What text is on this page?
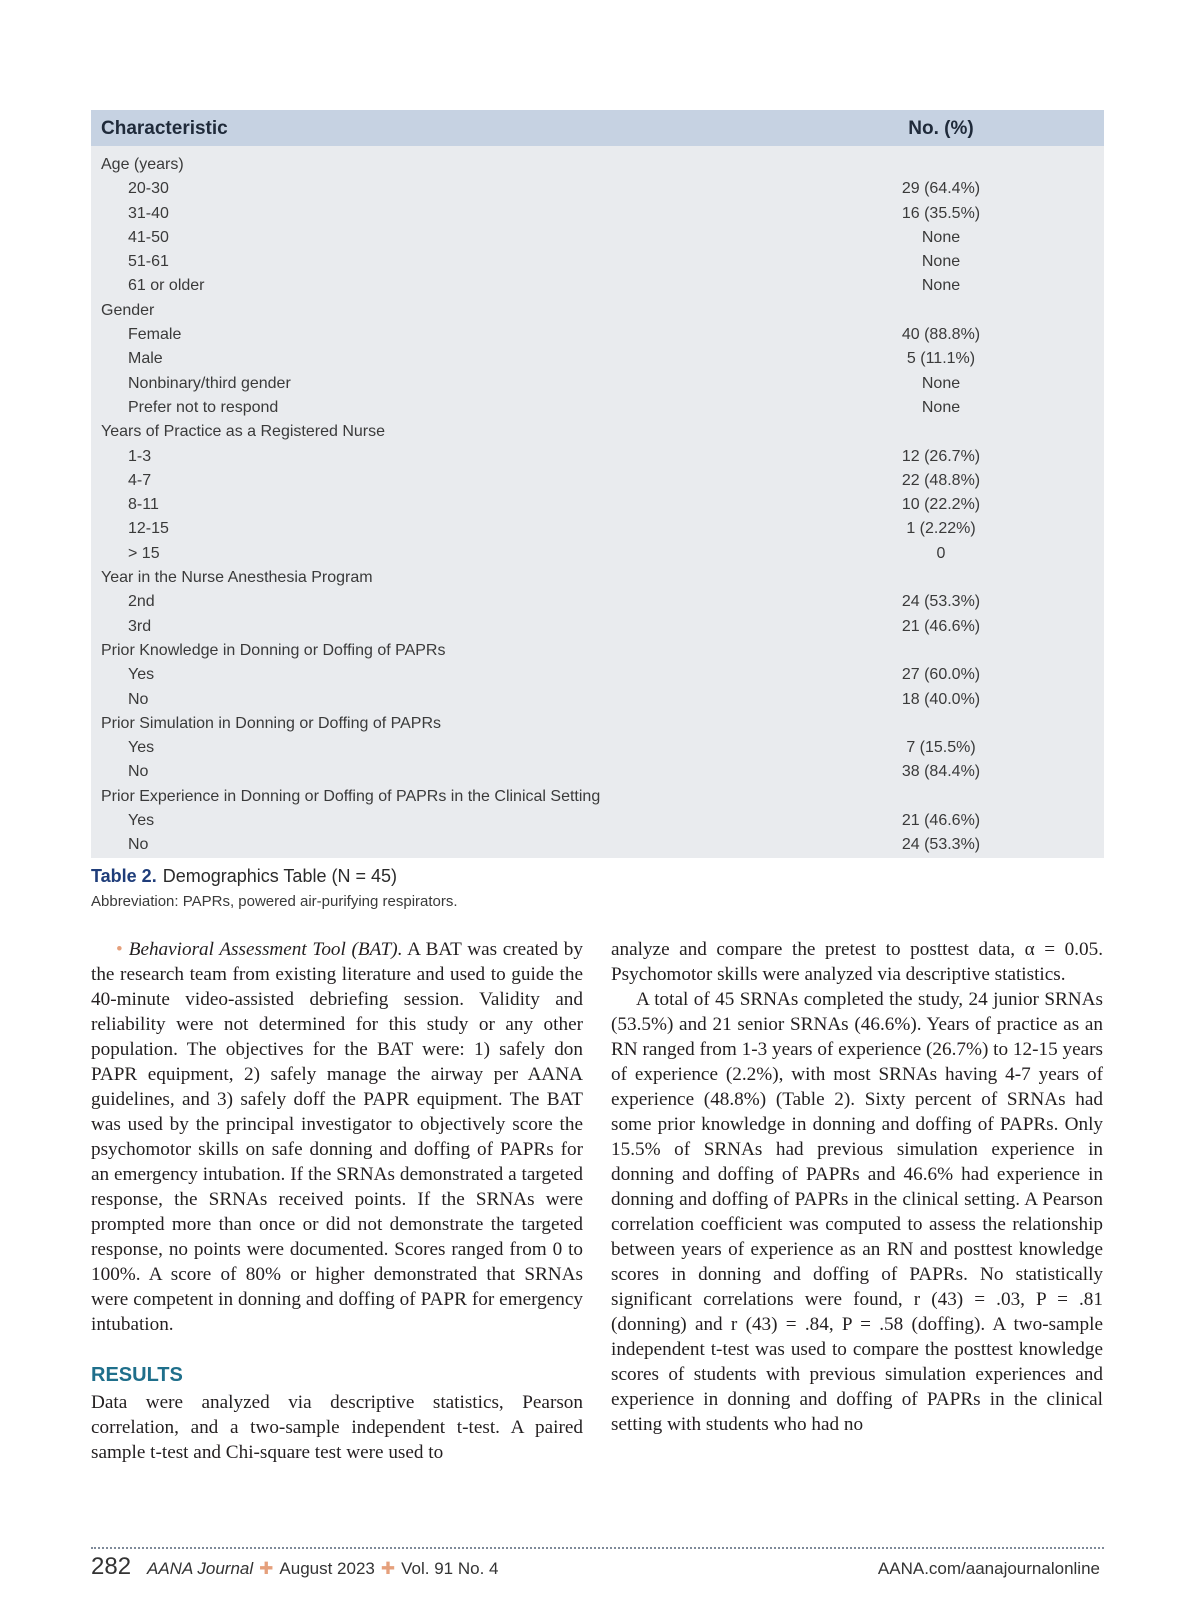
Characteristic	No. (%)
Age (years)
20-30	29 (64.4%)
31-40	16 (35.5%)
41-50	None
51-61	None
61 or older	None
Gender
Female	40 (88.8%)
Male	5 (11.1%)
Nonbinary/third gender	None
Prefer not to respond	None
Years of Practice as a Registered Nurse
1-3	12 (26.7%)
4-7	22 (48.8%)
8-11	10 (22.2%)
12-15	1 (2.22%)
> 15	0
Year in the Nurse Anesthesia Program
2nd	24 (53.3%)
3rd	21 (46.6%)
Prior Knowledge in Donning or Doffing of PAPRs
Yes	27 (60.0%)
No	18 (40.0%)
Prior Simulation in Donning or Doffing of PAPRs
Yes	7 (15.5%)
No	38 (84.4%)
Prior Experience in Donning or Doffing of PAPRs in the Clinical Setting
Yes	21 (46.6%)
No	24 (53.3%)
Table 2. Demographics Table (N = 45)
Abbreviation: PAPRs, powered air-purifying respirators.

• Behavioral Assessment Tool (BAT). A BAT was created by the research team from existing literature and used to guide the 40-minute video-assisted debriefing session. Validity and reliability were not determined for this study or any other population. The objectives for the BAT were: 1) safely don PAPR equipment, 2) safely manage the airway per AANA guidelines, and 3) safely doff the PAPR equipment. The BAT was used by the principal investigator to objectively score the psychomotor skills on safe donning and doffing of PAPRs for an emergency intubation. If the SRNAs demonstrated a targeted response, the SRNAs received points. If the SRNAs were prompted more than once or did not demonstrate the targeted response, no points were documented. Scores ranged from 0 to 100%. A score of 80% or higher demonstrated that SRNAs were competent in donning and doffing of PAPR for emergency intubation.

RESULTS

Data were analyzed via descriptive statistics, Pearson correlation, and a two-sample independent t-test. A paired sample t-test and Chi-square test were used to

analyze and compare the pretest to posttest data, α = 0.05. Psychomotor skills were analyzed via descriptive statistics.

A total of 45 SRNAs completed the study, 24 junior SRNAs (53.5%) and 21 senior SRNAs (46.6%). Years of practice as an RN ranged from 1-3 years of experience (26.7%) to 12-15 years of experience (2.2%), with most SRNAs having 4-7 years of experience (48.8%) (Table 2). Sixty percent of SRNAs had some prior knowledge in donning and doffing of PAPRs. Only 15.5% of SRNAs had previous simulation experience in donning and doffing of PAPRs and 46.6% had experience in donning and doffing of PAPRs in the clinical setting. A Pearson correlation coefficient was computed to assess the relationship between years of experience as an RN and posttest knowledge scores in donning and doffing of PAPRs. No statistically significant correlations were found, r (43) = .03, P = .81 (donning) and r (43) = .84, P = .58 (doffing). A two-sample independent t-test was used to compare the posttest knowledge scores of students with previous simulation experiences and experience in donning and doffing of PAPRs in the clinical setting with students who had no

282 AANA Journal ✚ August 2023 ✚ Vol. 91 No. 4	AANA.com/aanajournalonline
